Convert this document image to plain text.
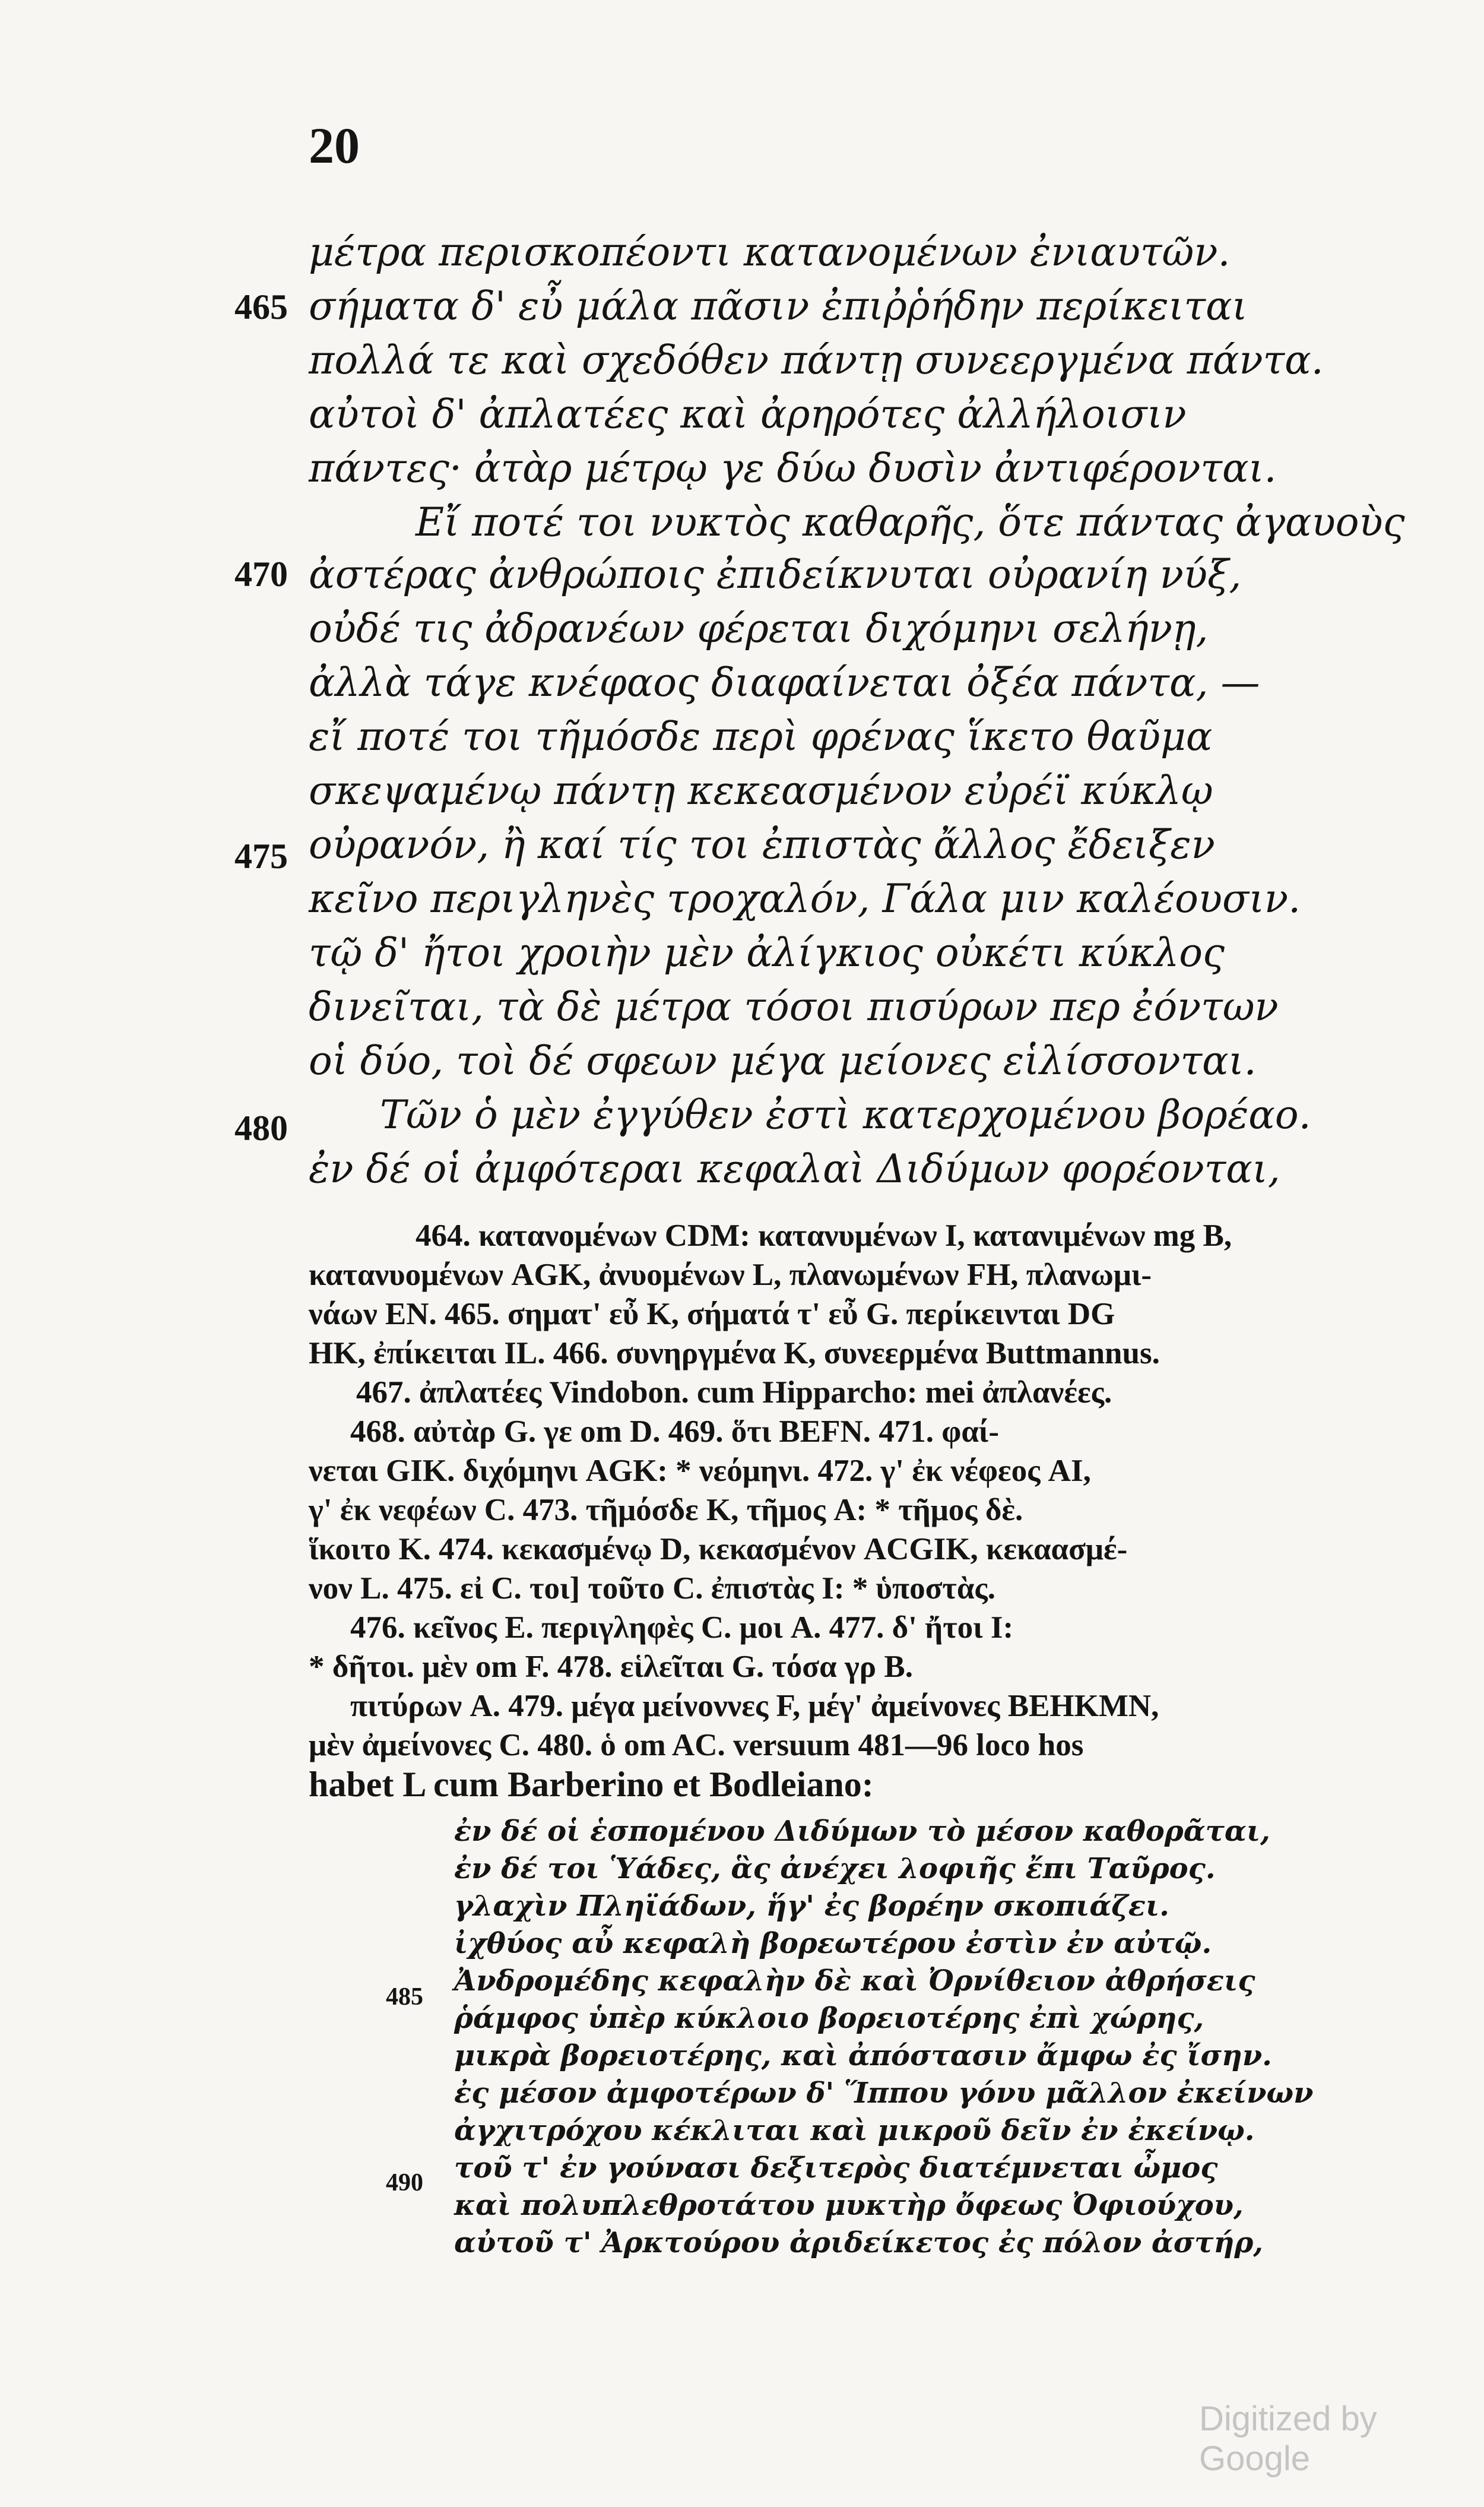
20
465
470
475
480
μέτρα περισκοπέοντι κατανομένων ἐνιαυτῶν.
σήματα δ' εὖ μάλα πᾶσιν ἐπιῤῥήδην περίκειται
πολλά τε καὶ σχεδόθεν πάντῃ συνεεργμένα πάντα.
αὐτοὶ δ' ἀπλατέες καὶ ἀρηρότες ἀλλήλοισιν
πάντες· ἀτὰρ μέτρῳ γε δύω δυσὶν ἀντιφέρονται.
Εἴ ποτέ τοι νυκτὸς καθαρῆς, ὅτε πάντας ἀγαυοὺς
ἀστέρας ἀνθρώποις ἐπιδείκνυται οὐρανίη νύξ,
οὐδέ τις ἀδρανέων φέρεται διχόμηνι σελήνῃ,
ἀλλὰ τάγε κνέφαος διαφαίνεται ὀξέα πάντα, —
εἴ ποτέ τοι τῆμόσδε περὶ φρένας ἵκετο θαῦμα
σκεψαμένῳ πάντῃ κεκεασμένον εὐρέϊ κύκλῳ
οὐρανόν, ἢ καί τίς τοι ἐπιστὰς ἄλλος ἔδειξεν
κεῖνο περιγληνὲς τροχαλόν, Γάλα μιν καλέουσιν.
τῷ δ' ἤτοι χροιὴν μὲν ἀλίγκιος οὐκέτι κύκλος
δινεῖται, τὰ δὲ μέτρα τόσοι πισύρων περ ἐόντων
οἱ δύο, τοὶ δέ σφεων μέγα μείονες εἱλίσσονται.
Τῶν ὁ μὲν ἐγγύθεν ἐστὶ κατερχομένου βορέαο.
ἐν δέ οἱ ἀμφότεραι κεφαλαὶ Διδύμων φορέονται,
464. κατανομένων CDM: κατανυμένων I, κατανιμένων mg B,
κατανυομένων AGK, ἀνυομένων L, πλανωμένων FH, πλανωμι-
νάων EN. 465. σηματ' εὖ K, σήματά τ' εὖ G. περίκεινται DG
HK, ἐπίκειται IL. 466. συνηργμένα K, συνεερμένα Buttmannus.
467. ἀπλατέες Vindobon. cum Hipparcho: mei ἀπλανέες.
468. αὐτὰρ G. γε om D. 469. ὅτι BEFN. 471. φαί-
νεται GIK. διχόμηνι AGK: * νεόμηνι. 472. γ' ἐκ νέφεος AI,
γ' ἐκ νεφέων C. 473. τῆμόσδε K, τῆμος A: * τῆμος δὲ.
ἵκοιτο K. 474. κεκασμένῳ D, κεκασμένον ACGIK, κεκαασμέ-
νον L. 475. εἰ C. τοι] τοῦτο C. ἐπιστὰς I: * ὑποστὰς.
476. κεῖνος E. περιγληφὲς C. μοι A. 477. δ' ἤτοι I:
* δῆτοι. μὲν om F. 478. εἱλεῖται G. τόσα γρ B.
πιτύρων A. 479. μέγα μείνοννες F, μέγ' ἀμείνονες BEHKMN,
μὲν ἀμείνονες C. 480. ὁ om AC. versuum 481—96 loco hos
habet L cum Barberino et Bodleiano:
485
490
ἐν δέ οἱ ἑσπομένου Διδύμων τὸ μέσον καθορᾶται,
ἐν δέ τοι Ὑάδες, ἃς ἀνέχει λοφιῆς ἔπι Ταῦρος.
γλαχὶν Πληϊάδων, ἥγ' ἐς βορέην σκοπιάζει.
ἰχθύος αὖ κεφαλὴ βορεωτέρου ἐστὶν ἐν αὐτῷ.
Ἀνδρομέδης κεφαλὴν δὲ καὶ Ὀρνίθειον ἀθρήσεις
ῥάμφος ὑπὲρ κύκλοιο βορειοτέρης ἐπὶ χώρης,
μικρὰ βορειοτέρης, καὶ ἀπόστασιν ἄμφω ἐς ἴσην.
ἐς μέσον ἀμφοτέρων δ' Ἵππου γόνυ μᾶλλον ἐκείνων
ἀγχιτρόχου κέκλιται καὶ μικροῦ δεῖν ἐν ἐκείνῳ.
τοῦ τ' ἐν γούνασι δεξιτερὸς διατέμνεται ὦμος
καὶ πολυπλεθροτάτου μυκτὴρ ὄφεως Ὀφιούχου,
αὐτοῦ τ' Ἀρκτούρου ἀριδείκετος ἐς πόλον ἀστήρ,
Digitized by Google
